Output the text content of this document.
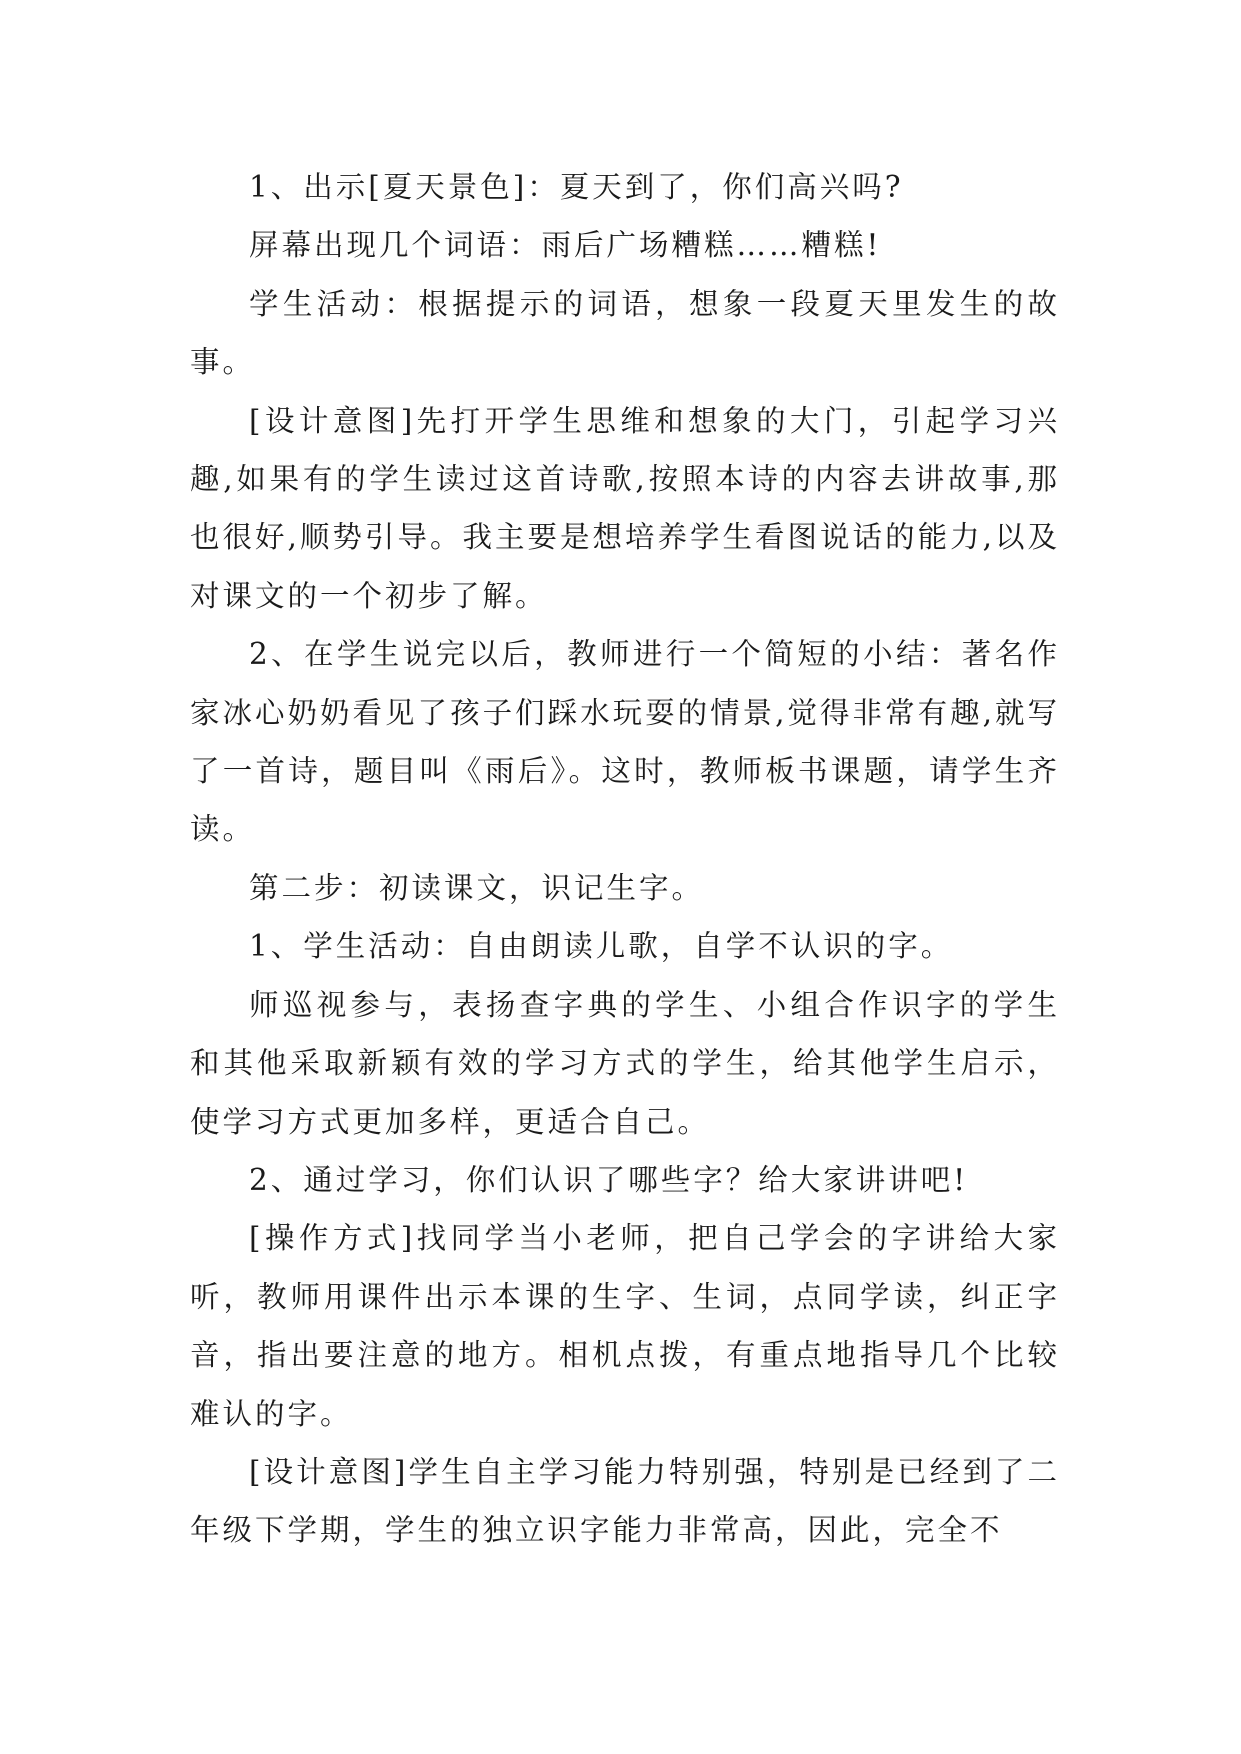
1、出示[夏天景色]：夏天到了，你们高兴吗?

屏幕出现几个词语：雨后广场糟糕……糟糕!

学生活动：根据提示的词语，想象一段夏天里发生的故事。

[设计意图]先打开学生思维和想象的大门，引起学习兴趣,如果有的学生读过这首诗歌,按照本诗的内容去讲故事,那也很好,顺势引导。我主要是想培养学生看图说话的能力,以及对课文的一个初步了解。

2、在学生说完以后，教师进行一个简短的小结：著名作家冰心奶奶看见了孩子们踩水玩耍的情景,觉得非常有趣,就写了一首诗，题目叫《雨后》。这时，教师板书课题，请学生齐读。

第二步：初读课文，识记生字。

1、学生活动：自由朗读儿歌，自学不认识的字。

师巡视参与，表扬查字典的学生、小组合作识字的学生和其他采取新颖有效的学习方式的学生，给其他学生启示，使学习方式更加多样，更适合自己。

2、通过学习，你们认识了哪些字？给大家讲讲吧!

[操作方式]找同学当小老师，把自己学会的字讲给大家听，教师用课件出示本课的生字、生词，点同学读，纠正字音，指出要注意的地方。相机点拨，有重点地指导几个比较难认的字。

[设计意图]学生自主学习能力特别强，特别是已经到了二年级下学期，学生的独立识字能力非常高，因此，完全不
